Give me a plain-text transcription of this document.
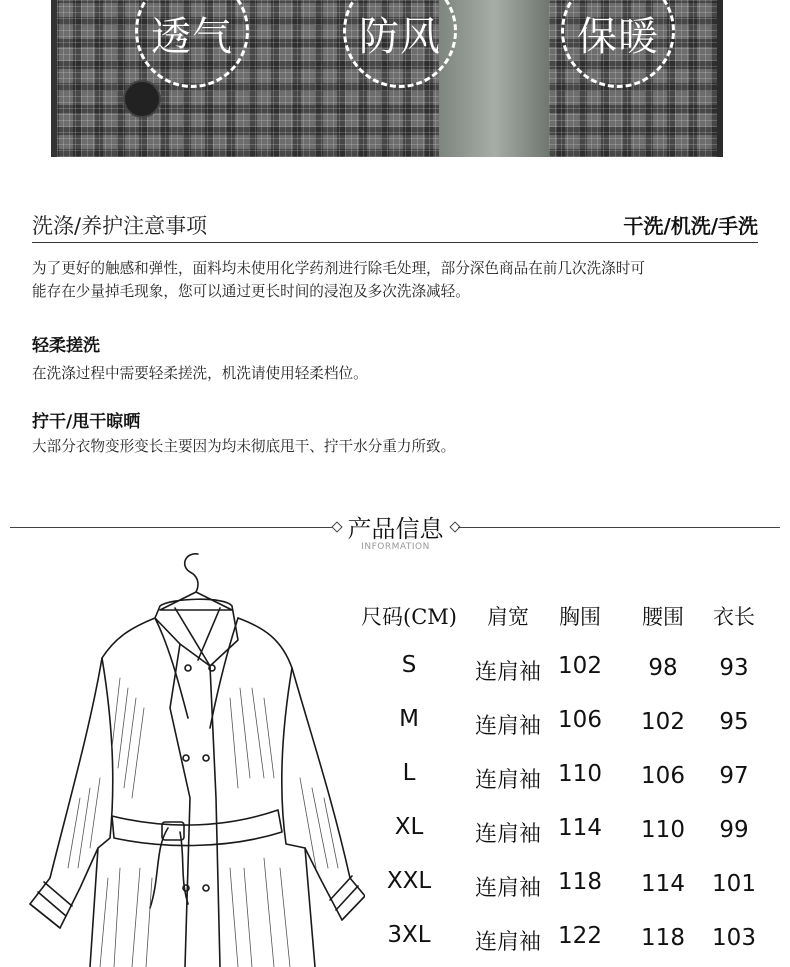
透气	防风	保暖
洗涤/养护注意事项	干洗/机洗/手洗
为了更好的触感和弹性，面料均未使用化学药剂进行除毛处理，部分深色商品在前几次洗涤时可
能存在少量掉毛现象，您可以通过更长时间的浸泡及多次洗涤减轻。
轻柔搓洗
在洗涤过程中需要轻柔搓洗，机洗请使用轻柔档位。
拧干/甩干晾晒
大部分衣物变形变长主要因为均未彻底甩干、拧干水分重力所致。
产品信息
INFORMATION
尺码(CM)	肩宽	胸围	腰围	衣长
S	连肩袖 102	98	93
M	连肩袖 106	102	95
L	连肩袖 110	106	97
XL	连肩袖 114	110	99
XXL	连肩袖 118	114	101
3XL	连肩袖 122	118	103
